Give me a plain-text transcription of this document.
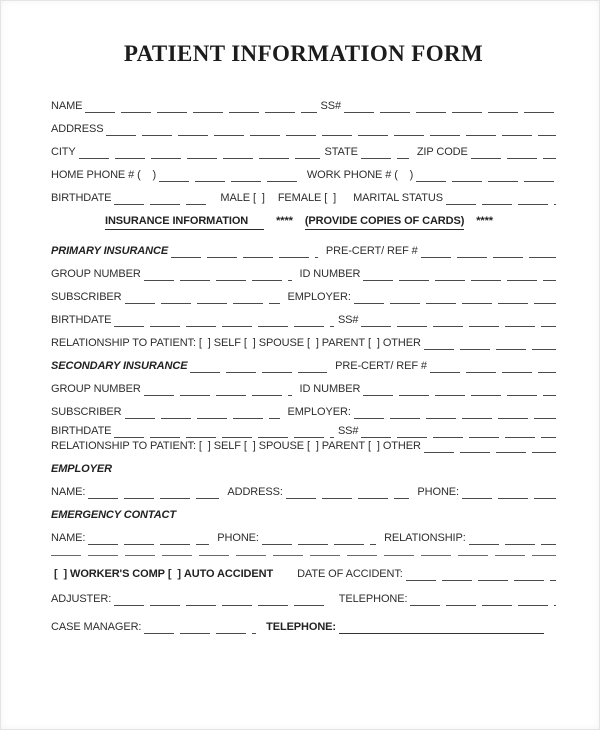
PATIENT INFORMATION FORM
NAME	SS#
ADDRESS
CITY	STATE	ZIP CODE
HOME PHONE # (    )	WORK PHONE # (    )
BIRTHDATE	MALE [  ] FEMALE [  ] MARITAL STATUS
INSURANCE INFORMATION	**** (PROVIDE COPIES OF CARDS) ****
PRIMARY INSURANCE	PRE-CERT/ REF #
GROUP NUMBER	ID NUMBER
SUBSCRIBER	EMPLOYER:
BIRTHDATE	SS#
RELATIONSHIP TO PATIENT: [  ] SELF [  ] SPOUSE [  ] PARENT [  ] OTHER
SECONDARY INSURANCE	PRE-CERT/ REF #
GROUP NUMBER	ID NUMBER
SUBSCRIBER	EMPLOYER:
BIRTHDATE	SS#
RELATIONSHIP TO PATIENT: [  ] SELF [  ] SPOUSE [  ] PARENT [  ] OTHER
EMPLOYER
NAME:	ADDRESS:	PHONE:
EMERGENCY CONTACT
NAME:	PHONE:	RELATIONSHIP:
[  ] WORKER'S COMP [  ] AUTO ACCIDENT DATE OF ACCIDENT:
ADJUSTER:	TELEPHONE:
CASE MANAGER:	TELEPHONE:
